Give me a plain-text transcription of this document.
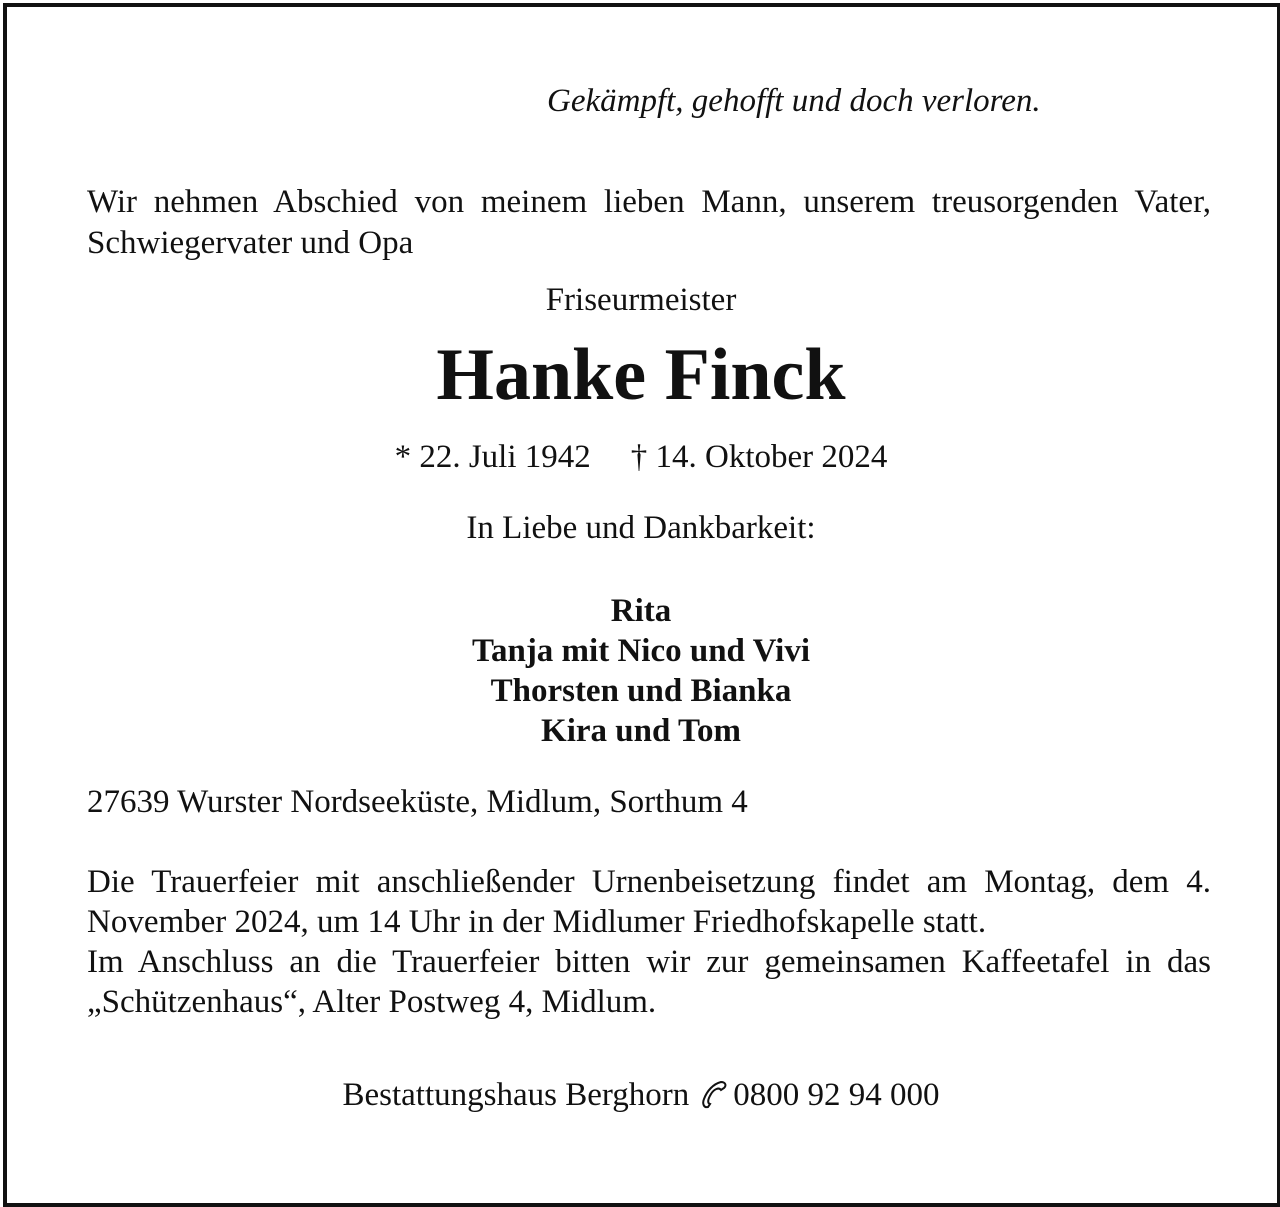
Gekämpft, gehofft und doch verloren.
Wir nehmen Abschied von meinem lieben Mann, unserem treusorgenden Vater, Schwiegervater und Opa
Friseurmeister
Hanke Finck
* 22. Juli 1942 † 14. Oktober 2024
In Liebe und Dankbarkeit:
Rita
Tanja mit Nico und Vivi
Thorsten und Bianka
Kira und Tom
27639 Wurster Nordseeküste, Midlum, Sorthum 4

Die Trauerfeier mit anschließender Urnenbeisetzung findet am Montag, dem 4. November 2024, um 14 Uhr in der Midlumer Friedhofskapelle statt.

Im Anschluss an die Trauerfeier bitten wir zur gemeinsamen Kaffeetafel in das „Schützenhaus“, Alter Postweg 4, Midlum.

Bestattungshaus Berghorn 0800 92 94 000
